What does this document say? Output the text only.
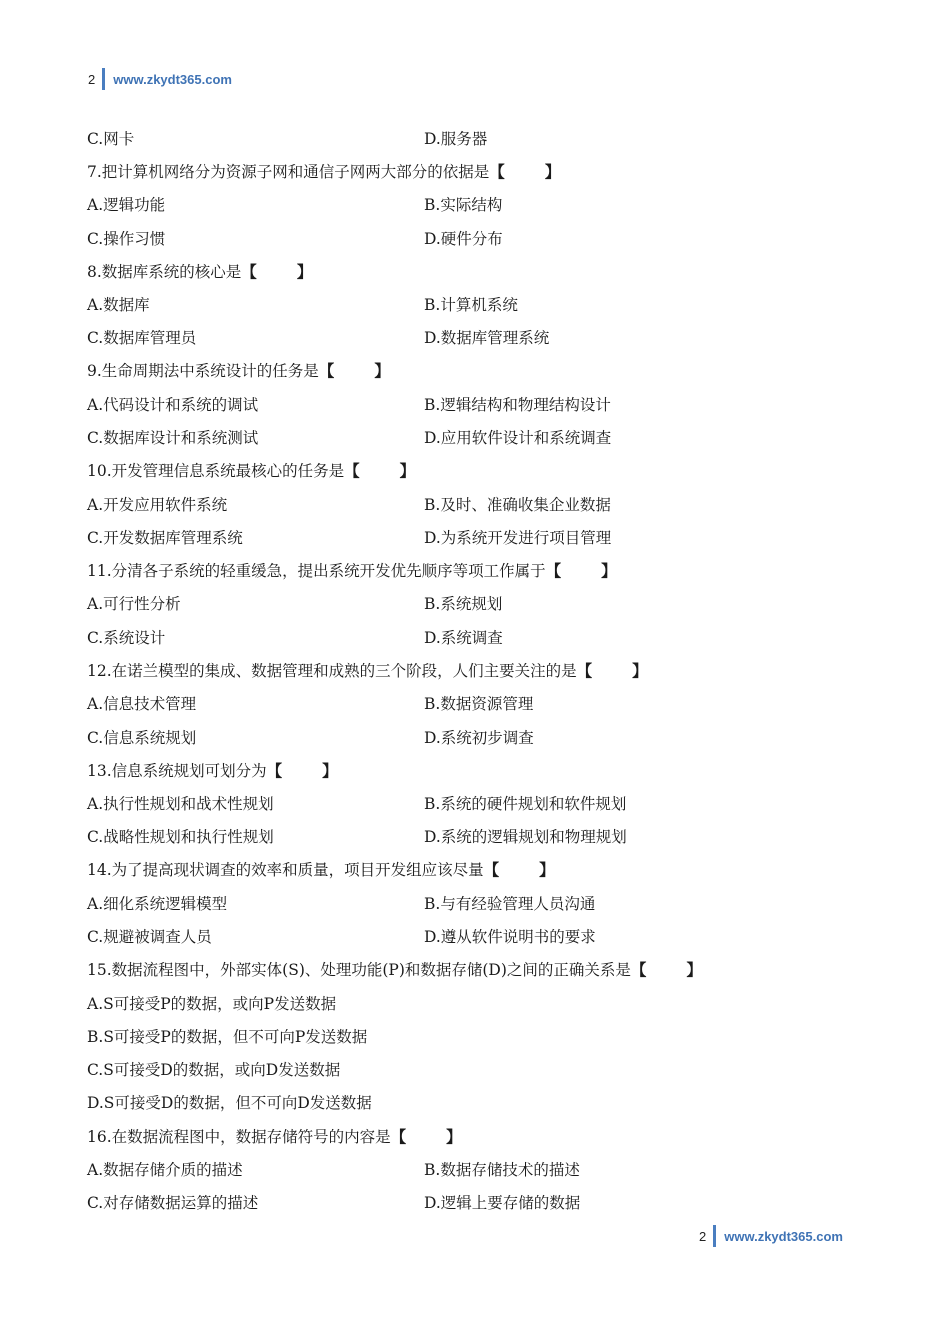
2 www.zkydt365.com
C.网卡	D.服务器
7.把计算机网络分为资源子网和通信子网两大部分的依据是【	】
A.逻辑功能	B.实际结构
C.操作习惯	D.硬件分布
8.数据库系统的核心是【	】
A.数据库	B.计算机系统
C.数据库管理员	D.数据库管理系统
9.生命周期法中系统设计的任务是【	】
A.代码设计和系统的调试	B.逻辑结构和物理结构设计
C.数据库设计和系统测试	D.应用软件设计和系统调查
10.开发管理信息系统最核心的任务是【	】
A.开发应用软件系统	B.及时、准确收集企业数据
C.开发数据库管理系统	D.为系统开发进行项目管理
11.分清各子系统的轻重缓急，提出系统开发优先顺序等项工作属于【	】
A.可行性分析	B.系统规划
C.系统设计	D.系统调查
12.在诺兰模型的集成、数据管理和成熟的三个阶段，人们主要关注的是【	】
A.信息技术管理	B.数据资源管理
C.信息系统规划	D.系统初步调查
13.信息系统规划可划分为【	】
A.执行性规划和战术性规划	B.系统的硬件规划和软件规划
C.战略性规划和执行性规划	D.系统的逻辑规划和物理规划
14.为了提高现状调查的效率和质量，项目开发组应该尽量【	】
A.细化系统逻辑模型	B.与有经验管理人员沟通
C.规避被调查人员	D.遵从软件说明书的要求
15.数据流程图中，外部实体(S)、处理功能(P)和数据存储(D)之间的正确关系是【	】
A.S可接受P的数据，或向P发送数据
B.S可接受P的数据，但不可向P发送数据
C.S可接受D的数据，或向D发送数据
D.S可接受D的数据，但不可向D发送数据
16.在数据流程图中，数据存储符号的内容是【	】
A.数据存储介质的描述	B.数据存储技术的描述
C.对存储数据运算的描述	D.逻辑上要存储的数据
2 www.zkydt365.com
